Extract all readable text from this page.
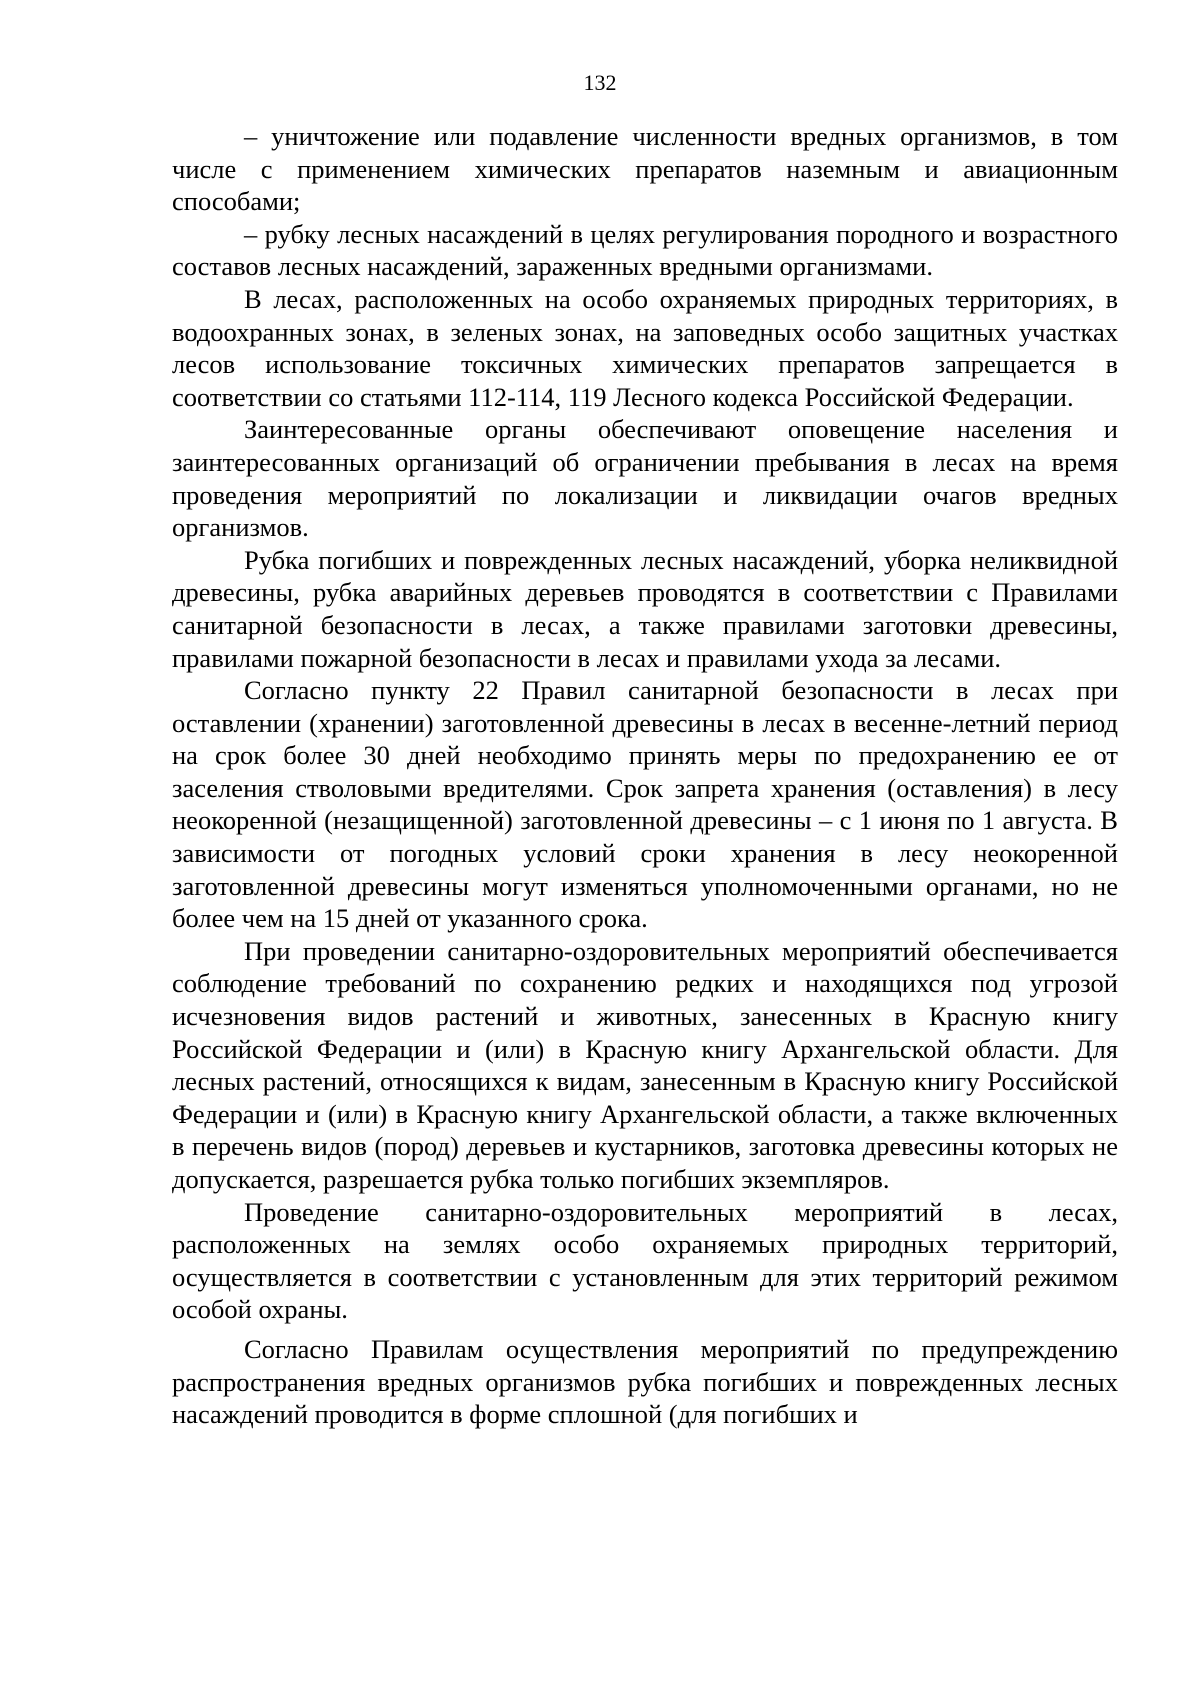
132

– уничтожение или подавление численности вредных организмов, в том числе с применением химических препаратов наземным и авиационным способами;

– рубку лесных насаждений в целях регулирования породного и возрастного составов лесных насаждений, зараженных вредными организмами.

В лесах, расположенных на особо охраняемых природных территориях, в водоохранных зонах, в зеленых зонах, на заповедных особо защитных участках лесов использование токсичных химических препаратов запрещается в соответствии со статьями 112-114, 119 Лесного кодекса Российской Федерации.

Заинтересованные органы обеспечивают оповещение населения и заинтересованных организаций об ограничении пребывания в лесах на время проведения мероприятий по локализации и ликвидации очагов вредных организмов.

Рубка погибших и поврежденных лесных насаждений, уборка неликвидной древесины, рубка аварийных деревьев проводятся в соответствии с Правилами санитарной безопасности в лесах, а также правилами заготовки древесины, правилами пожарной безопасности в лесах и правилами ухода за лесами.

Согласно пункту 22 Правил санитарной безопасности в лесах при оставлении (хранении) заготовленной древесины в лесах в весенне-летний период на срок более 30 дней необходимо принять меры по предохранению ее от заселения стволовыми вредителями. Срок запрета хранения (оставления) в лесу неокоренной (незащищенной) заготовленной древесины – с 1 июня по 1 августа. В зависимости от погодных условий сроки хранения в лесу неокоренной заготовленной древесины могут изменяться уполномоченными органами, но не более чем на 15 дней от указанного срока.

При проведении санитарно-оздоровительных мероприятий обеспечивается соблюдение требований по сохранению редких и находящихся под угрозой исчезновения видов растений и животных, занесенных в Красную книгу Российской Федерации и (или) в Красную книгу Архангельской области. Для лесных растений, относящихся к видам, занесенным в Красную книгу Российской Федерации и (или) в Красную книгу Архангельской области, а также включенных в перечень видов (пород) деревьев и кустарников, заготовка древесины которых не допускается, разрешается рубка только погибших экземпляров.

Проведение санитарно-оздоровительных мероприятий в лесах, расположенных на землях особо охраняемых природных территорий, осуществляется в соответствии с установленным для этих территорий режимом особой охраны.

Согласно Правилам осуществления мероприятий по предупреждению распространения вредных организмов рубка погибших и поврежденных лесных насаждений проводится в форме сплошной (для погибших и
